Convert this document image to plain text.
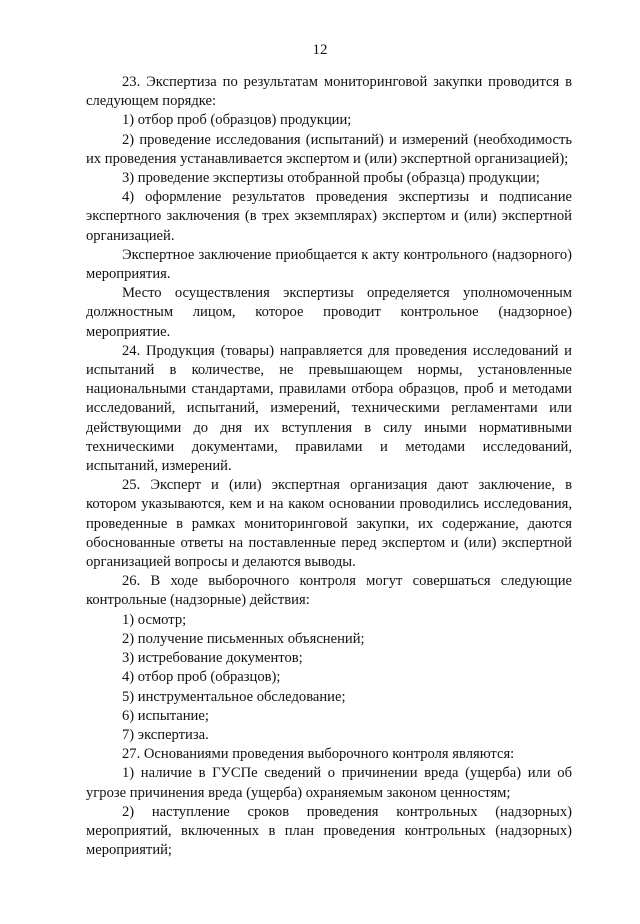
12

23. Экспертиза по результатам мониторинговой закупки проводится в следующем порядке:

1) отбор проб (образцов) продукции;

2) проведение исследования (испытаний) и измерений (необходимость их проведения устанавливается экспертом и (или) экспертной организацией);

3) проведение экспертизы отобранной пробы (образца) продукции;

4) оформление результатов проведения экспертизы и подписание экспертного заключения (в трех экземплярах) экспертом и (или) экспертной организацией.

Экспертное заключение приобщается к акту контрольного (надзорного) мероприятия.

Место осуществления экспертизы определяется уполномоченным должностным лицом, которое проводит контрольное (надзорное) мероприятие.

24. Продукция (товары) направляется для проведения исследований и испытаний в количестве, не превышающем нормы, установленные национальными стандартами, правилами отбора образцов, проб и методами исследований, испытаний, измерений, техническими регламентами или действующими до дня их вступления в силу иными нормативными техническими документами, правилами и методами исследований, испытаний, измерений.

25. Эксперт и (или) экспертная организация дают заключение, в котором указываются, кем и на каком основании проводились исследования, проведенные в рамках мониторинговой закупки, их содержание, даются обоснованные ответы на поставленные перед экспертом и (или) экспертной организацией вопросы и делаются выводы.

26. В ходе выборочного контроля могут совершаться следующие контрольные (надзорные) действия:

1) осмотр;

2) получение письменных объяснений;

3) истребование документов;

4) отбор проб (образцов);

5) инструментальное обследование;

6) испытание;

7) экспертиза.

27. Основаниями проведения выборочного контроля являются:

1) наличие в ГУСПе сведений о причинении вреда (ущерба) или об угрозе причинения вреда (ущерба) охраняемым законом ценностям;

2) наступление сроков проведения контрольных (надзорных) мероприятий, включенных в план проведения контрольных (надзорных) мероприятий;
